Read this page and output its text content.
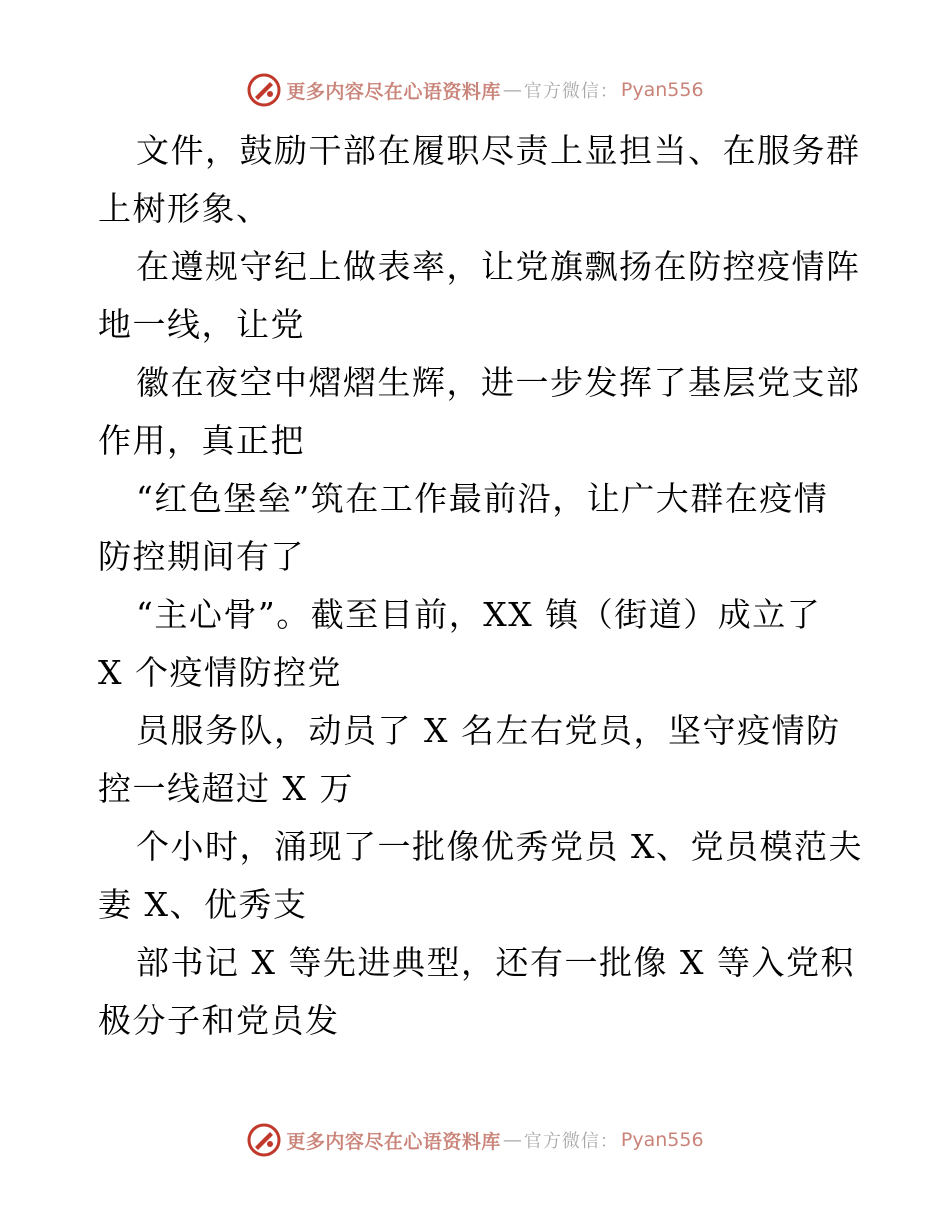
更多内容尽在心语资料库 — 官方微信： Pyan556
文件，鼓励干部在履职尽责上显担当、在服务群
上树形象、
在遵规守纪上做表率，让党旗飘扬在防控疫情阵
地一线，让党
徽在夜空中熠熠生辉，进一步发挥了基层党支部
作用，真正把
“红色堡垒”筑在工作最前沿，让广大群在疫情
防控期间有了
“主心骨”。截至目前，XX 镇（街道）成立了
X 个疫情防控党
员服务队，动员了 X 名左右党员，坚守疫情防
控一线超过 X 万
个小时，涌现了一批像优秀党员 X、党员模范夫
妻 X、优秀支
部书记 X 等先进典型，还有一批像 X 等入党积
极分子和党员发
更多内容尽在心语资料库 — 官方微信： Pyan556
